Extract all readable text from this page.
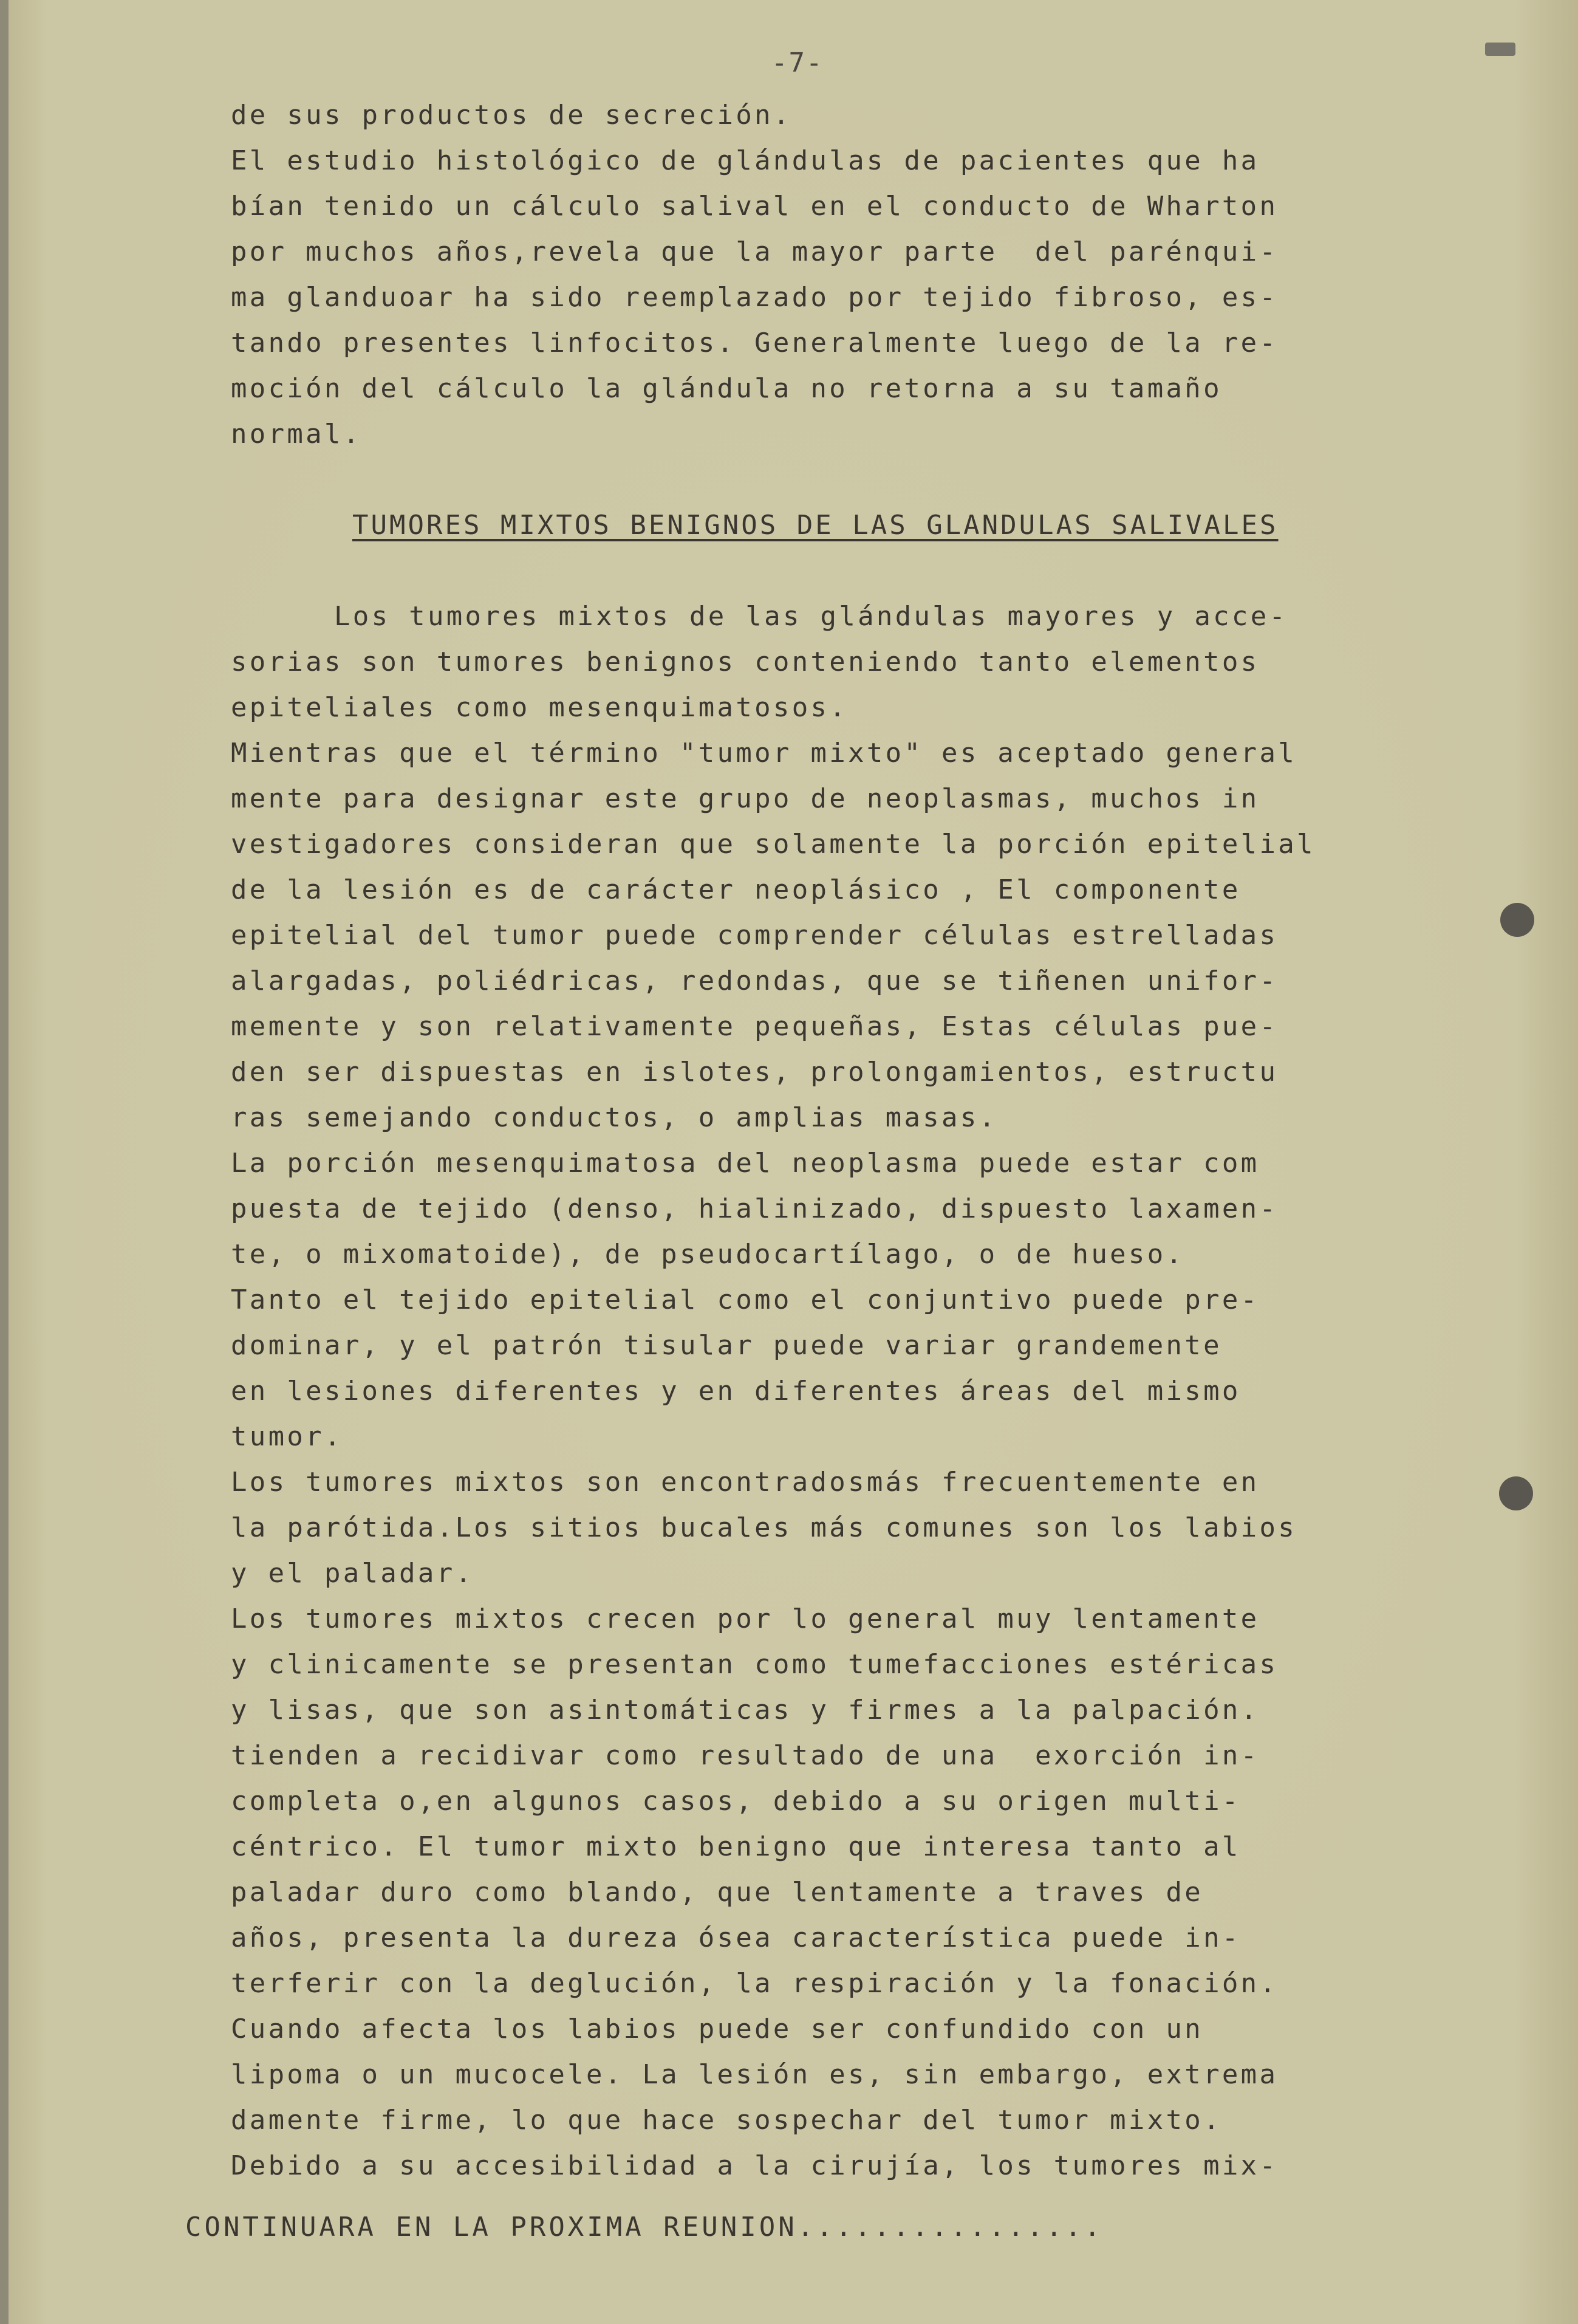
-7-
de sus productos de secreción.
El estudio histológico de glándulas de pacientes que ha
bían tenido un cálculo salival en el conducto de Wharton
por muchos años,revela que la mayor parte  del parénqui-
ma glanduoar ha sido reemplazado por tejido fibroso, es-
tando presentes linfocitos. Generalmente luego de la re-
moción del cálculo la glándula no retorna a su tamaño
normal.
TUMORES MIXTOS BENIGNOS DE LAS GLANDULAS SALIVALES
Los tumores mixtos de las glándulas mayores y acce-
sorias son tumores benignos conteniendo tanto elementos
epiteliales como mesenquimatosos.
Mientras que el término "tumor mixto" es aceptado general
mente para designar este grupo de neoplasmas, muchos in
vestigadores consideran que solamente la porción epitelial
de la lesión es de carácter neoplásico , El componente
epitelial del tumor puede comprender células estrelladas
alargadas, poliédricas, redondas, que se tiñenen unifor-
memente y son relativamente pequeñas, Estas células pue-
den ser dispuestas en islotes, prolongamientos, estructu
ras semejando conductos, o amplias masas.
La porción mesenquimatosa del neoplasma puede estar com
puesta de tejido (denso, hialinizado, dispuesto laxamen-
te, o mixomatoide), de pseudocartílago, o de hueso.
Tanto el tejido epitelial como el conjuntivo puede pre-
dominar, y el patrón tisular puede variar grandemente
en lesiones diferentes y en diferentes áreas del mismo
tumor.
Los tumores mixtos son encontradosmás frecuentemente en
la parótida.Los sitios bucales más comunes son los labios
y el paladar.
Los tumores mixtos crecen por lo general muy lentamente
y clinicamente se presentan como tumefacciones estéricas
y lisas, que son asintomáticas y firmes a la palpación.
tienden a recidivar como resultado de una  exorción in-
completa o,en algunos casos, debido a su origen multi-
céntrico. El tumor mixto benigno que interesa tanto al
paladar duro como blando, que lentamente a traves de
años, presenta la dureza ósea característica puede in-
terferir con la deglución, la respiración y la fonación.
Cuando afecta los labios puede ser confundido con un
lipoma o un mucocele. La lesión es, sin embargo, extrema
damente firme, lo que hace sospechar del tumor mixto.
Debido a su accesibilidad a la cirujía, los tumores mix-
CONTINUARA EN LA PROXIMA REUNION................
